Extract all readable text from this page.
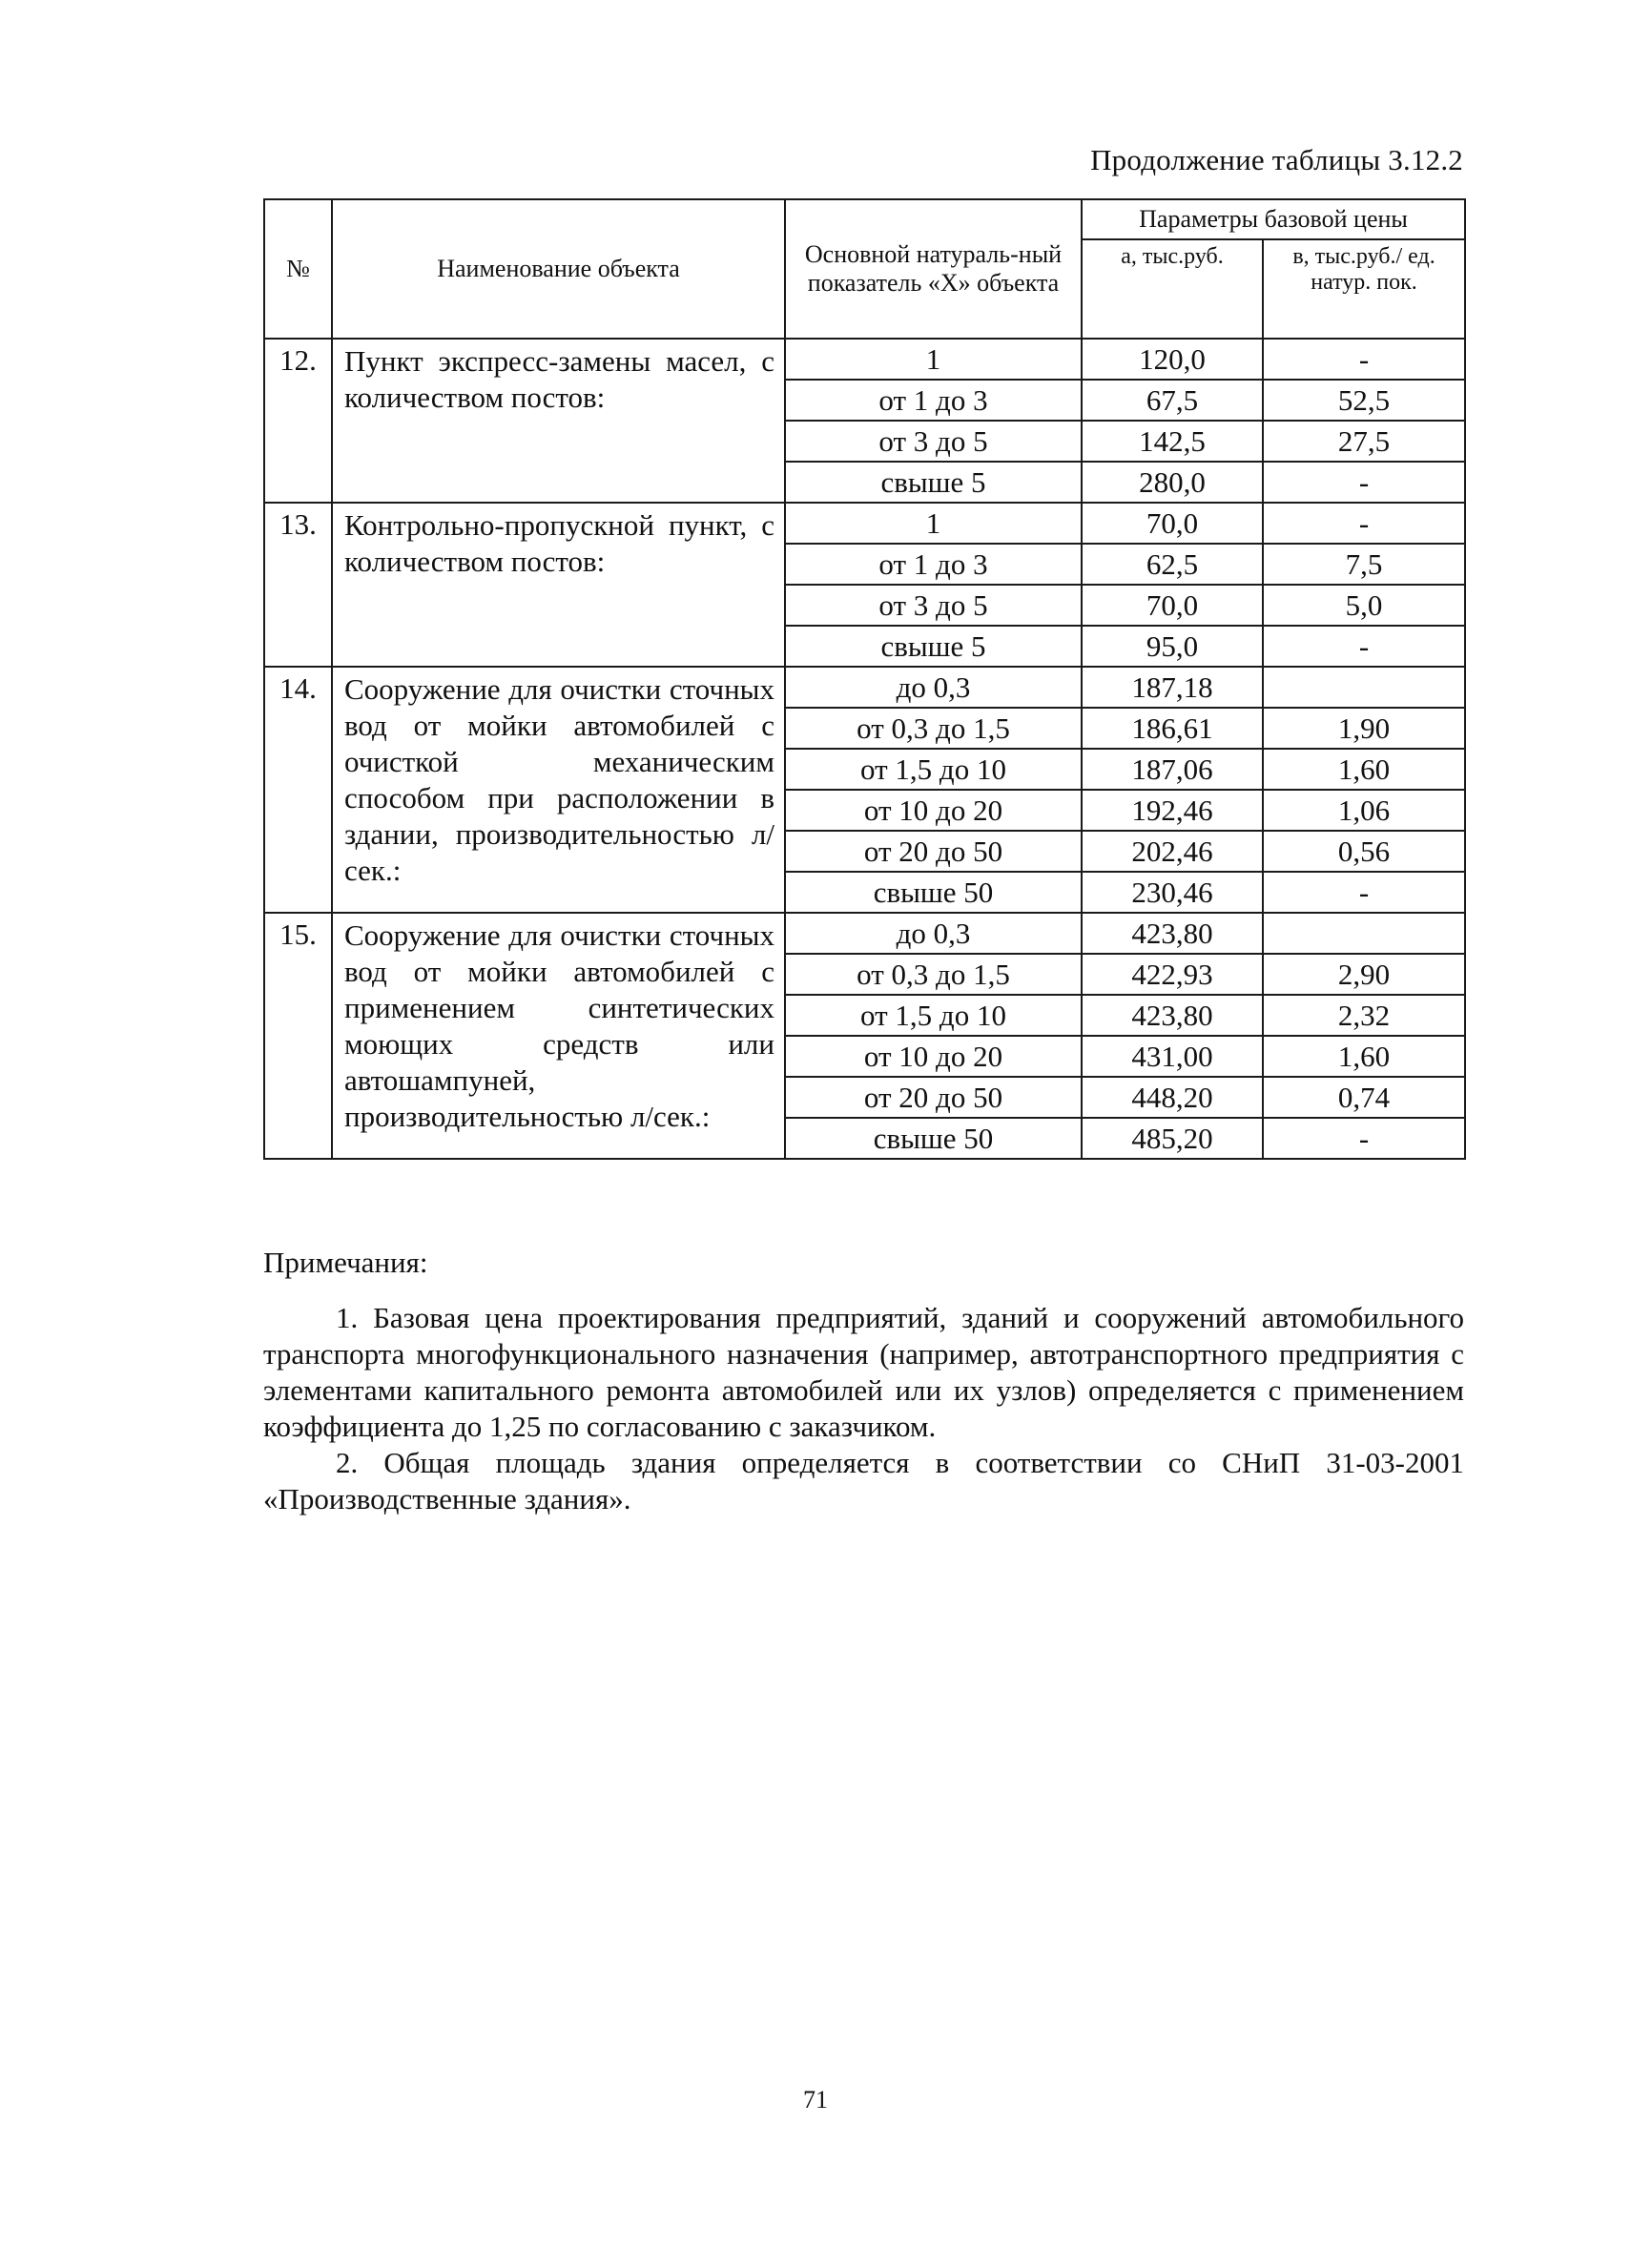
Продолжение таблицы 3.12.2
№	Наименование объекта	Основной натураль-ный показатель «Х» объекта	Параметры базовой цены	
			а, тыс.руб.	в, тыс.руб./ ед. натур. пок.
12.	Пункт экспресс-замены масел, с количеством постов:	1	120,0	-
		от 1 до 3	67,5	52,5
		от 3 до 5	142,5	27,5
		свыше 5	280,0	-
13.	Контрольно-пропускной пункт, с количеством постов:	1	70,0	-
		от 1 до 3	62,5	7,5
		от 3 до 5	70,0	5,0
		свыше 5	95,0	-
14.	Сооружение для очистки сточных вод от мойки автомобилей с очисткой механическим способом при расположении в здании, производительностью л/сек.:	до 0,3	187,18	
		от 0,3 до 1,5	186,61	1,90
		от 1,5 до 10	187,06	1,60
		от 10 до 20	192,46	1,06
		от 20 до 50	202,46	0,56
		свыше 50	230,46	-
15.	Сооружение для очистки сточных вод от мойки автомобилей с применением синтетических моющих средств или автошампуней, производительностью л/сек.:	до 0,3	423,80	
		от 0,3 до 1,5	422,93	2,90
		от 1,5 до 10	423,80	2,32
		от 10 до 20	431,00	1,60
		от 20 до 50	448,20	0,74
		свыше 50	485,20	-
Примечания:

1. Базовая цена проектирования предприятий, зданий и сооружений автомобильного транспорта многофункционального назначения (например, автотранспортного предприятия с элементами капитального ремонта автомобилей или их узлов) определяется с применением коэффициента до 1,25 по согласованию с заказчиком.

2. Общая площадь здания определяется в соответствии со СНиП 31-03-2001 «Производственные здания».

71
